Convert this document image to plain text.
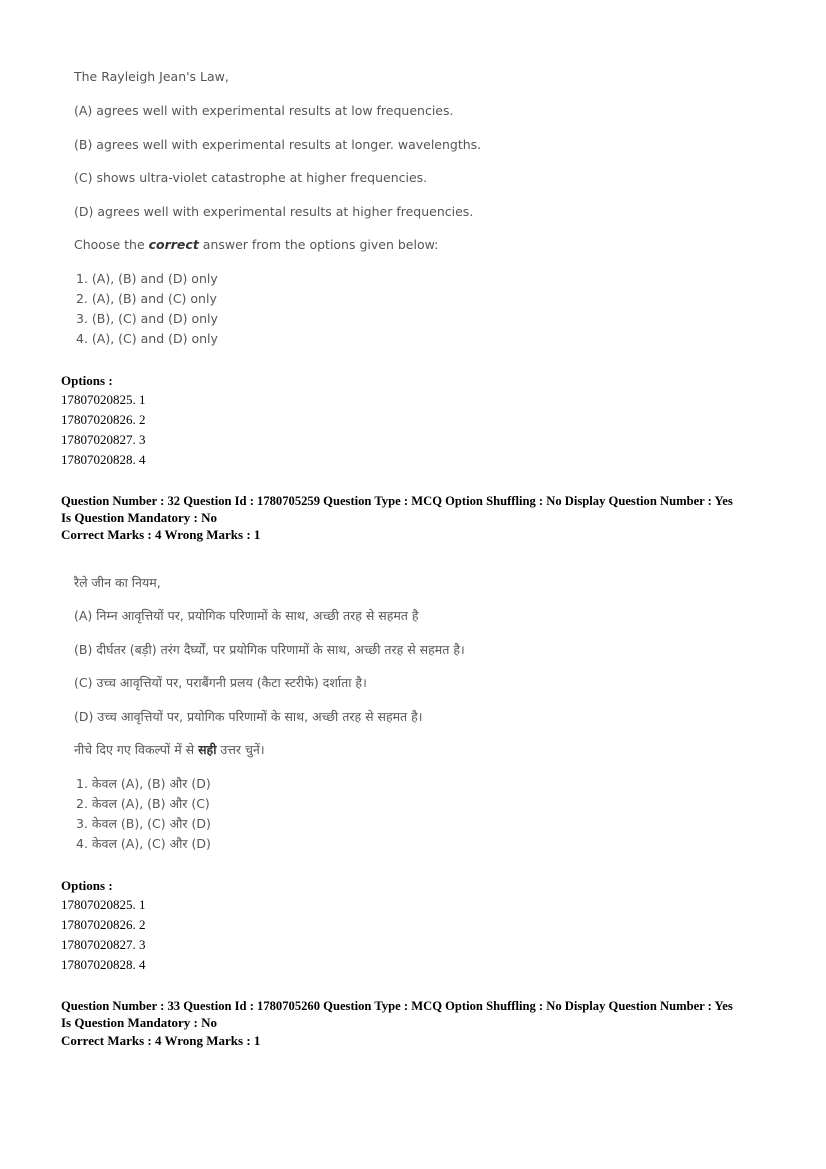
The Rayleigh Jean's Law,
(A) agrees well with experimental results at low frequencies.
(B) agrees well with experimental results at longer. wavelengths.
(C) shows ultra-violet catastrophe at higher frequencies.
(D) agrees well with experimental results at higher frequencies.
Choose the correct answer from the options given below:
1. (A), (B) and (D) only
2. (A), (B) and (C) only
3. (B), (C) and (D) only
4. (A), (C) and (D) only
Options :
17807020825. 1
17807020826. 2
17807020827. 3
17807020828. 4
Question Number : 32 Question Id : 1780705259 Question Type : MCQ Option Shuffling : No Display Question Number : Yes
Is Question Mandatory : No
Correct Marks : 4 Wrong Marks : 1
रैले जीन का नियम,
(A) निम्न आवृत्तियों पर, प्रयोगिक परिणामों के साथ, अच्छी तरह से सहमत है
(B) दीर्घतर (बड़ी) तरंग दैर्घ्यों, पर प्रयोगिक परिणामों के साथ, अच्छी तरह से सहमत है।
(C) उच्च आवृत्तियों पर, पराबैंगनी प्रलय (कैटा स्टरीफे) दर्शाता है।
(D) उच्च आवृत्तियों पर, प्रयोगिक परिणामों के साथ, अच्छी तरह से सहमत है।
नीचे दिए गए विकल्पों में से सही उत्तर चुनें।
1. केवल (A), (B) और (D)
2. केवल (A), (B) और (C)
3. केवल (B), (C) और (D)
4. केवल (A), (C) और (D)
Options :
17807020825. 1
17807020826. 2
17807020827. 3
17807020828. 4
Question Number : 33 Question Id : 1780705260 Question Type : MCQ Option Shuffling : No Display Question Number : Yes
Is Question Mandatory : No
Correct Marks : 4 Wrong Marks : 1
